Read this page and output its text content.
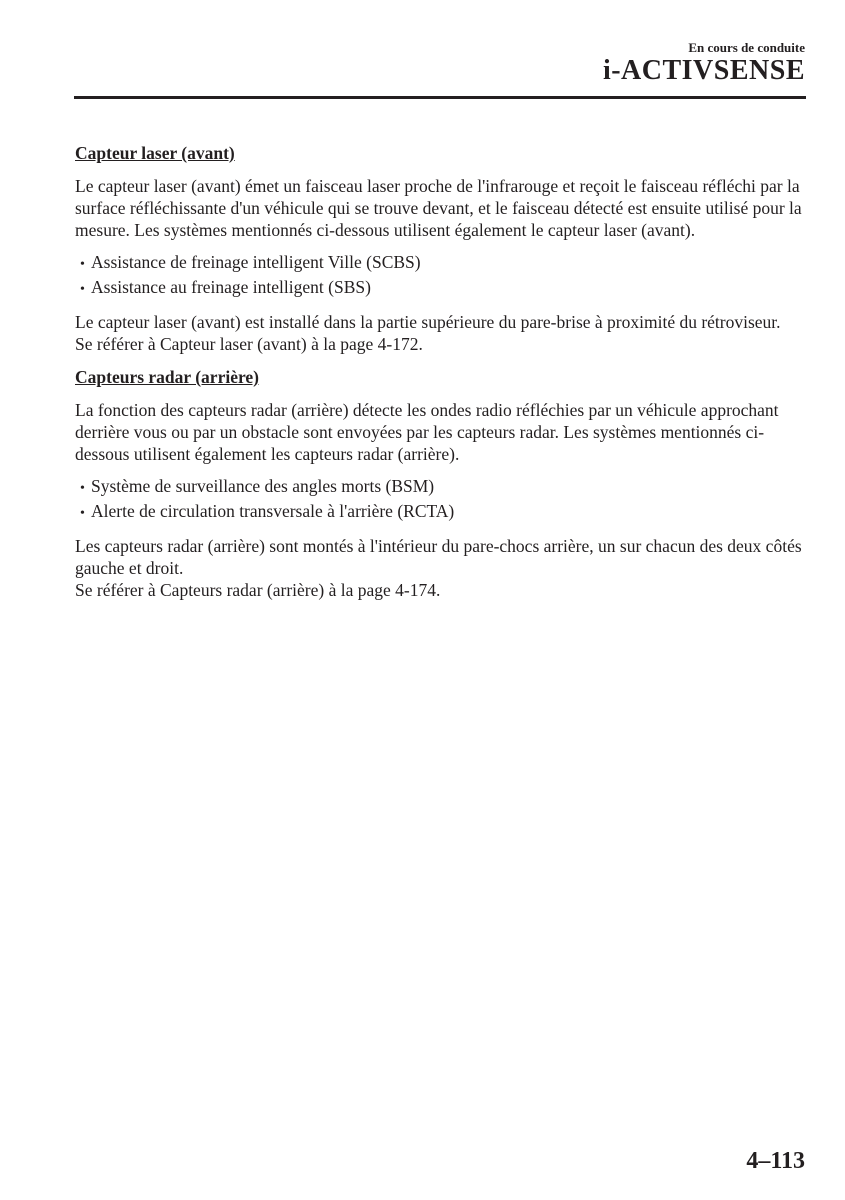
En cours de conduite
i-ACTIVSENSE
Capteur laser (avant)

Le capteur laser (avant) émet un faisceau laser proche de l'infrarouge et reçoit le faisceau réfléchi par la surface réfléchissante d'un véhicule qui se trouve devant, et le faisceau détecté est ensuite utilisé pour la mesure. Les systèmes mentionnés ci-dessous utilisent également le capteur laser (avant).

• Assistance de freinage intelligent Ville (SCBS)
• Assistance au freinage intelligent (SBS)

Le capteur laser (avant) est installé dans la partie supérieure du pare-brise à proximité du rétroviseur.

Se référer à Capteur laser (avant) à la page 4-172.

Capteurs radar (arrière)

La fonction des capteurs radar (arrière) détecte les ondes radio réfléchies par un véhicule approchant derrière vous ou par un obstacle sont envoyées par les capteurs radar. Les systèmes mentionnés ci-dessous utilisent également les capteurs radar (arrière).

• Système de surveillance des angles morts (BSM)
• Alerte de circulation transversale à l'arrière (RCTA)

Les capteurs radar (arrière) sont montés à l'intérieur du pare-chocs arrière, un sur chacun des deux côtés gauche et droit.

Se référer à Capteurs radar (arrière) à la page 4-174.

4–113
